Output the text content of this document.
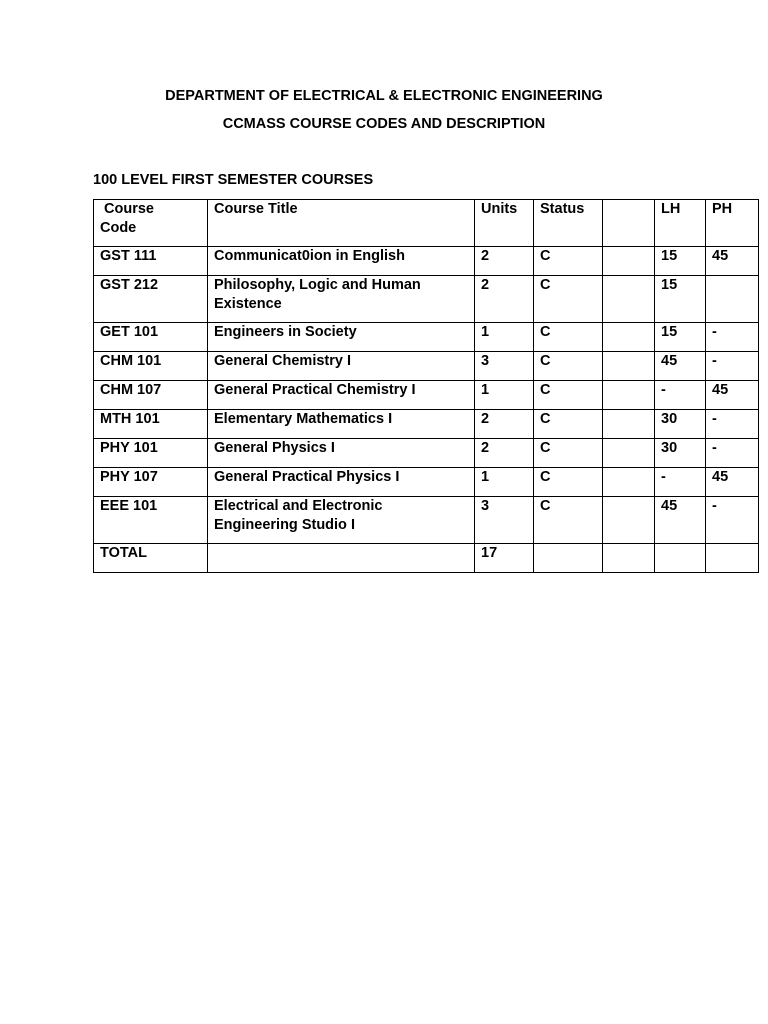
DEPARTMENT OF ELECTRICAL & ELECTRONIC ENGINEERING

CCMASS COURSE CODES AND DESCRIPTION

100 LEVEL FIRST SEMESTER COURSES

Course
Code	Course Title	Units	Status		LH	PH
GST 111	Communicat0ion in English	2	C		15	45
GST 212	Philosophy, Logic and Human Existence	2	C		15	
GET 101	Engineers in Society	1	C		15	-
CHM 101	General Chemistry I	3	C		45	-
CHM 107	General Practical Chemistry I	1	C		-	45
MTH 101	Elementary Mathematics I	2	C		30	-
PHY 101	General Physics I	2	C		30	-
PHY 107	General Practical Physics I	1	C		-	45
EEE 101	Electrical and Electronic Engineering Studio I	3	C		45	-
TOTAL		17				
